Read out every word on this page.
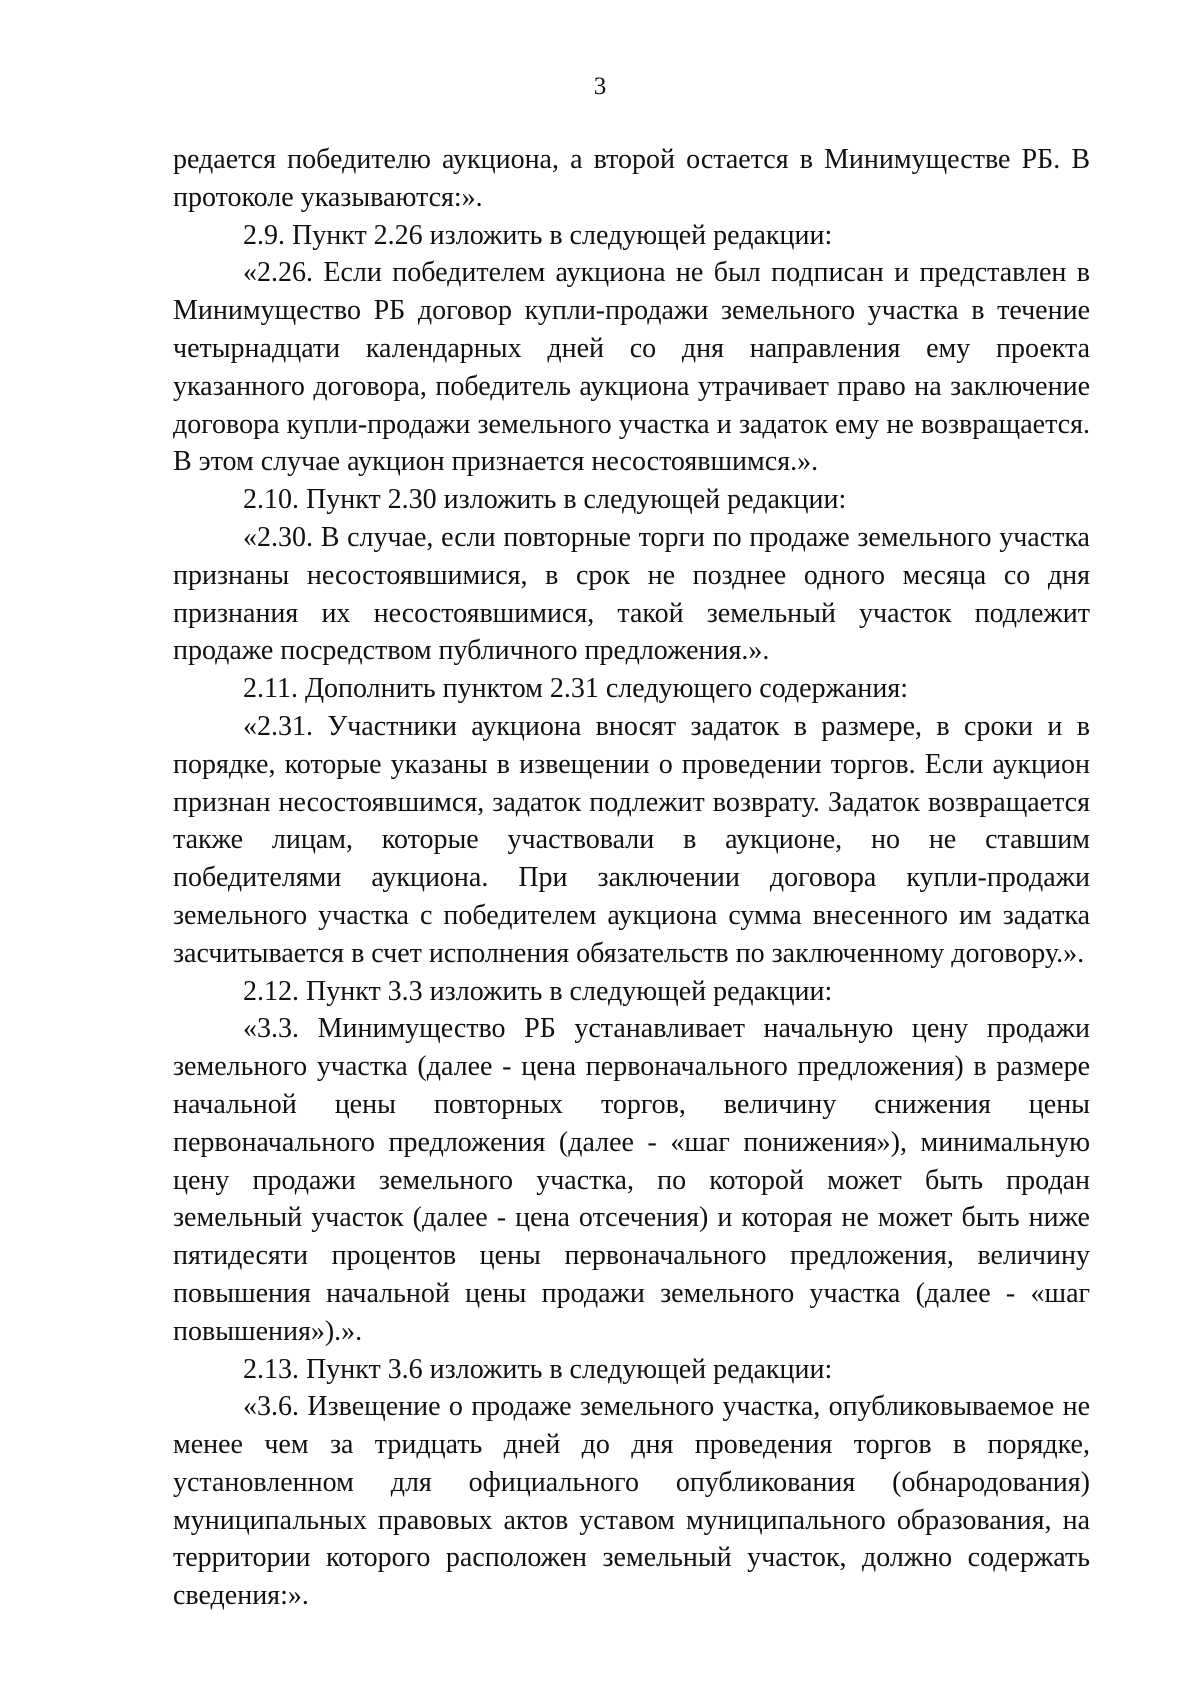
3

редается победителю аукциона, а второй остается в Минимуществе РБ. В протоколе указываются:».

2.9. Пункт 2.26 изложить в следующей редакции:

«2.26. Если победителем аукциона не был подписан и представлен в Минимущество РБ договор купли-продажи земельного участка в течение четырнадцати календарных дней со дня направления ему проекта указанного договора, победитель аукциона утрачивает право на заключение договора купли-продажи земельного участка и задаток ему не возвращается. В этом случае аукцион признается несостоявшимся.».

2.10. Пункт 2.30 изложить в следующей редакции:

«2.30. В случае, если повторные торги по продаже земельного участка признаны несостоявшимися, в срок не позднее одного месяца со дня признания их несостоявшимися, такой земельный участок подлежит продаже посредством публичного предложения.».

2.11. Дополнить пунктом 2.31 следующего содержания:

«2.31. Участники аукциона вносят задаток в размере, в сроки и в порядке, которые указаны в извещении о проведении торгов. Если аукцион признан несостоявшимся, задаток подлежит возврату. Задаток возвращается также лицам, которые участвовали в аукционе, но не ставшим победителями аукциона. При заключении договора купли-продажи земельного участка с победителем аукциона сумма внесенного им задатка засчитывается в счет исполнения обязательств по заключенному договору.».

2.12. Пункт 3.3 изложить в следующей редакции:

«3.3. Минимущество РБ устанавливает начальную цену продажи земельного участка (далее - цена первоначального предложения) в размере начальной цены повторных торгов, величину снижения цены первоначального предложения (далее - «шаг понижения»), минимальную цену продажи земельного участка, по которой может быть продан земельный участок (далее - цена отсечения) и которая не может быть ниже пятидесяти процентов цены первоначального предложения, величину повышения начальной цены продажи земельного участка (далее - «шаг повышения»).».

2.13. Пункт 3.6 изложить в следующей редакции:

«3.6. Извещение о продаже земельного участка, опубликовываемое не менее чем за тридцать дней до дня проведения торгов в порядке, установленном для официального опубликования (обнародования) муниципальных правовых актов уставом муниципального образования, на территории которого расположен земельный участок, должно содержать сведения:».
